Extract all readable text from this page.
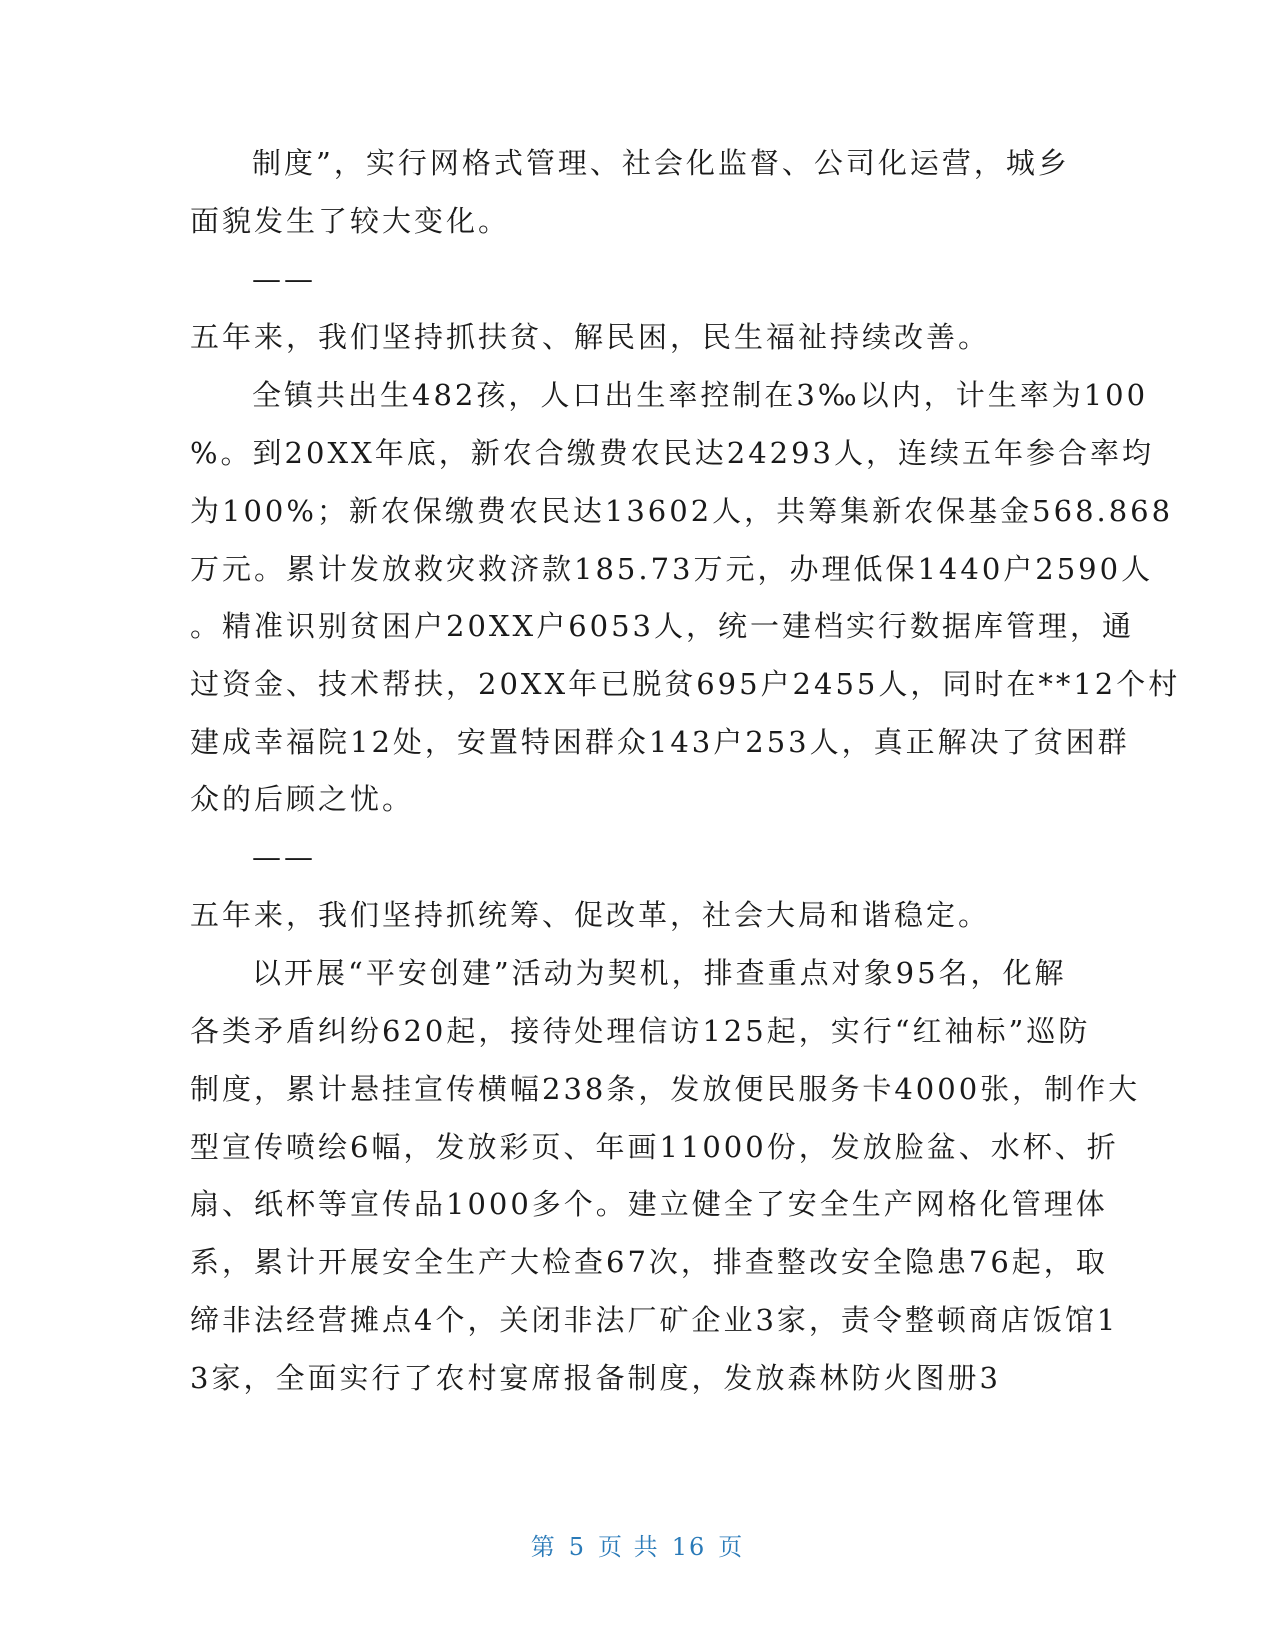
制度”，实行网格式管理、社会化监督、公司化运营，城乡
面貌发生了较大变化。
——
五年来，我们坚持抓扶贫、解民困，民生福祉持续改善。
全镇共出生482孩，人口出生率控制在3‰以内，计生率为100
%。到20XX年底，新农合缴费农民达24293人，连续五年参合率均
为100%；新农保缴费农民达13602人，共筹集新农保基金568.868
万元。累计发放救灾救济款185.73万元，办理低保1440户2590人
。精准识别贫困户20XX户6053人，统一建档实行数据库管理，通
过资金、技术帮扶，20XX年已脱贫695户2455人，同时在**12个村
建成幸福院12处，安置特困群众143户253人，真正解决了贫困群
众的后顾之忧。
——
五年来，我们坚持抓统筹、促改革，社会大局和谐稳定。
以开展“平安创建”活动为契机，排查重点对象95名，化解
各类矛盾纠纷620起，接待处理信访125起，实行“红袖标”巡防
制度，累计悬挂宣传横幅238条，发放便民服务卡4000张，制作大
型宣传喷绘6幅，发放彩页、年画11000份，发放脸盆、水杯、折
扇、纸杯等宣传品1000多个。建立健全了安全生产网格化管理体
系，累计开展安全生产大检查67次，排查整改安全隐患76起，取
缔非法经营摊点4个，关闭非法厂矿企业3家，责令整顿商店饭馆1
3家，全面实行了农村宴席报备制度，发放森林防火图册3
第 5 页 共 16 页
